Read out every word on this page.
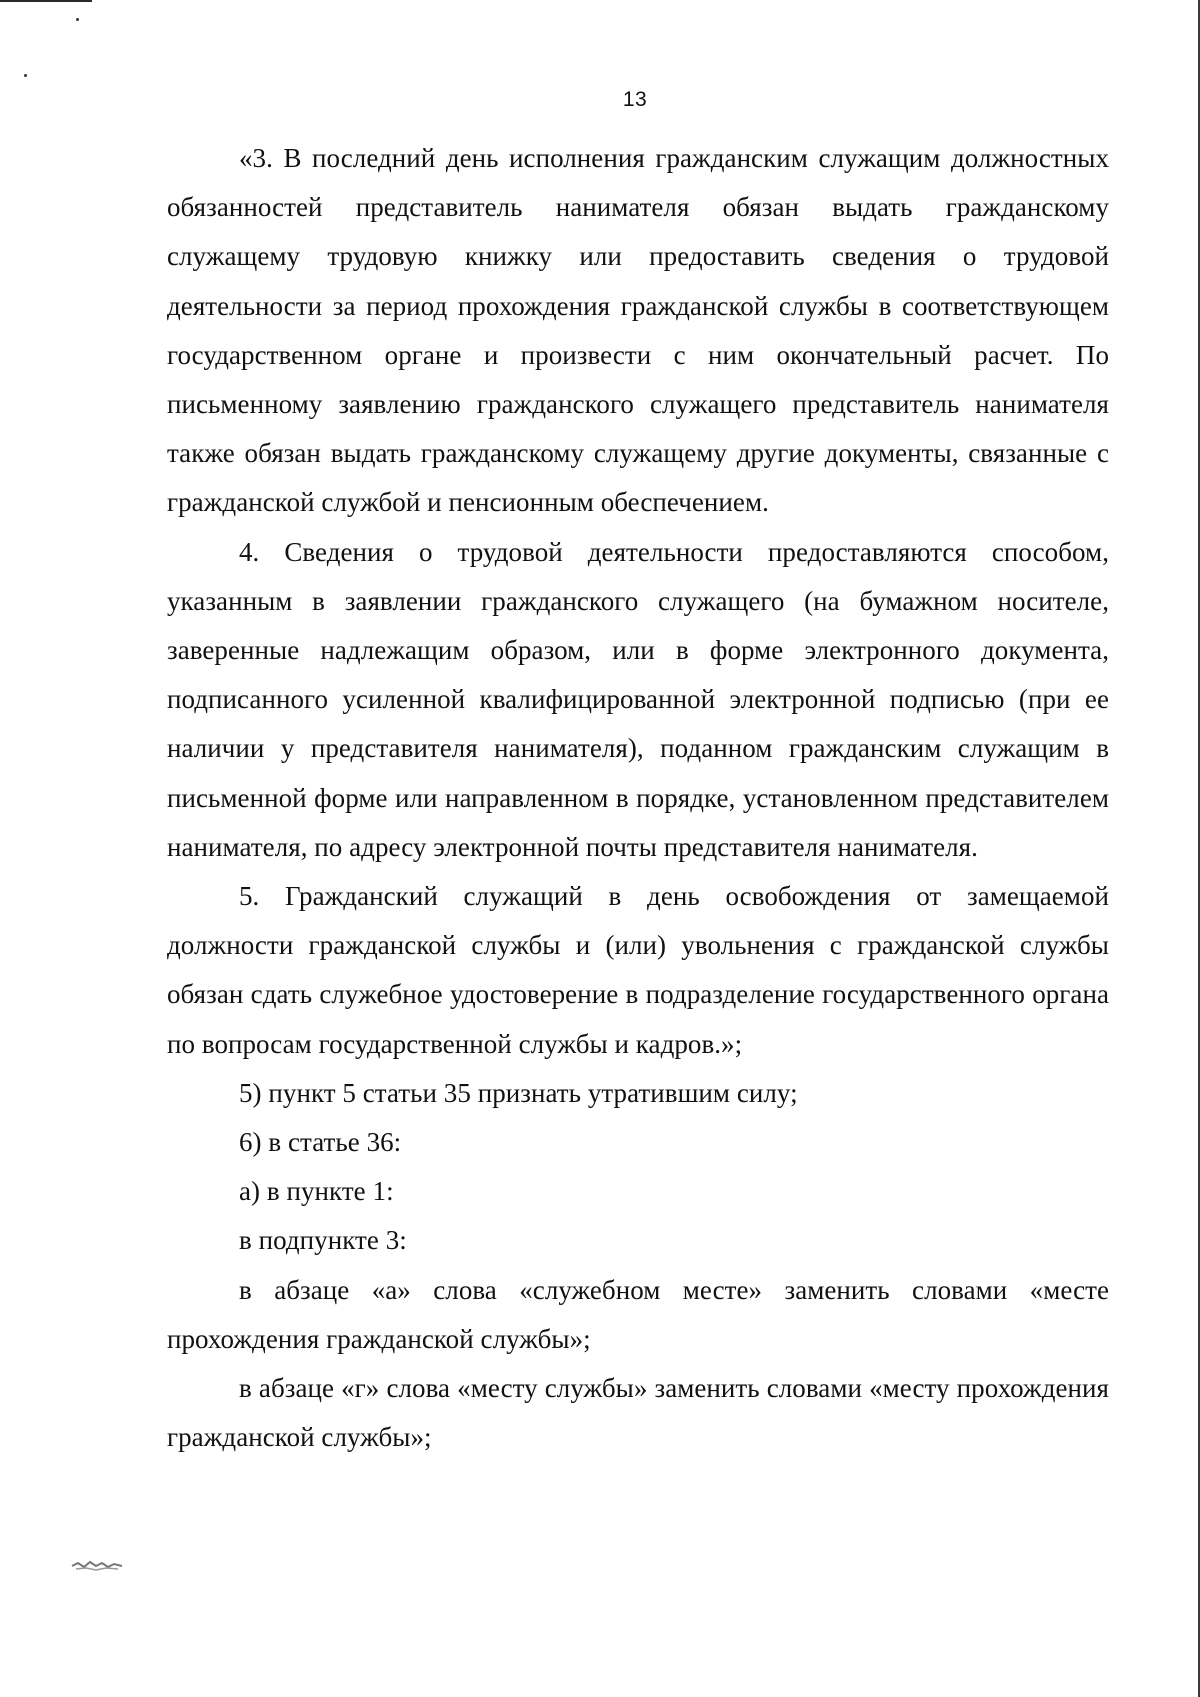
13

«3. В последний день исполнения гражданским служащим должностных обязанностей представитель нанимателя обязан выдать гражданскому служащему трудовую книжку или предоставить сведения о трудовой деятельности за период прохождения гражданской службы в соответствующем государственном органе и произвести с ним окончательный расчет. По письменному заявлению гражданского служащего представитель нанимателя также обязан выдать гражданскому служащему другие документы, связанные с гражданской службой и пенсионным обеспечением.

4. Сведения о трудовой деятельности предоставляются способом, указанным в заявлении гражданского служащего (на бумажном носителе, заверенные надлежащим образом, или в форме электронного документа, подписанного усиленной квалифицированной электронной подписью (при ее наличии у представителя нанимателя), поданном гражданским служащим в письменной форме или направленном в порядке, установленном представителем нанимателя, по адресу электронной почты представителя нанимателя.

5. Гражданский служащий в день освобождения от замещаемой должности гражданской службы и (или) увольнения с гражданской службы обязан сдать служебное удостоверение в подразделение государственного органа по вопросам государственной службы и кадров.»;

5) пункт 5 статьи 35 признать утратившим силу;

6) в статье 36:

а) в пункте 1:

в подпункте 3:

в абзаце «а» слова «служебном месте» заменить словами «месте прохождения гражданской службы»;

в абзаце «г» слова «месту службы» заменить словами «месту прохождения гражданской службы»;
